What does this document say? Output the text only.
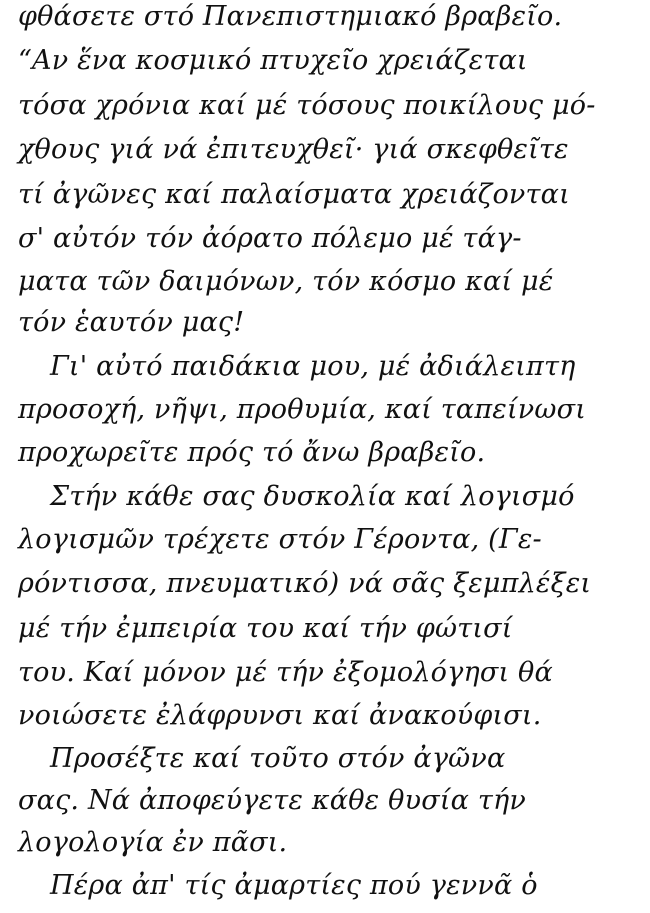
φθάσετε στό Πανεπιστημιακό βραβεῖο.
“Αν ἕνα κοσμικό πτυχεῖο χρειάζεται
τόσα χρόνια καί μέ τόσους ποικίλους μό-
χθους γιά νά ἐπιτευχθεῖ· γιά σκεφθεῖτε
τί ἀγῶνες καί παλαίσματα χρειάζονται
σ' αὐτόν τόν ἀόρατο πόλεμο μέ τάγ-
ματα τῶν δαιμόνων, τόν κόσμο καί μέ
τόν ἑαυτόν μας!
Γι' αὐτό παιδάκια μου, μέ ἀδιάλειπτη
προσοχή, νῆψι, προθυμία, καί ταπείνωσι
προχωρεῖτε πρός τό ἄνω βραβεῖο.
Στήν κάθε σας δυσκολία καί λογισμό
λογισμῶν τρέχετε στόν Γέροντα, (Γε-
ρόντισσα, πνευματικό) νά σᾶς ξεμπλέξει
μέ τήν ἐμπειρία του καί τήν φώτισί
του. Καί μόνον μέ τήν ἐξομολόγησι θά
νοιώσετε ἐλάφρυνσι καί ἀνακούφισι.
Προσέξτε καί τοῦτο στόν ἀγῶνα
σας. Νά ἀποφεύγετε κάθε θυσία τήν
λογολογία ἐν πᾶσι.
Πέρα ἀπ' τίς ἀμαρτίες πού γεννᾶ ὁ
